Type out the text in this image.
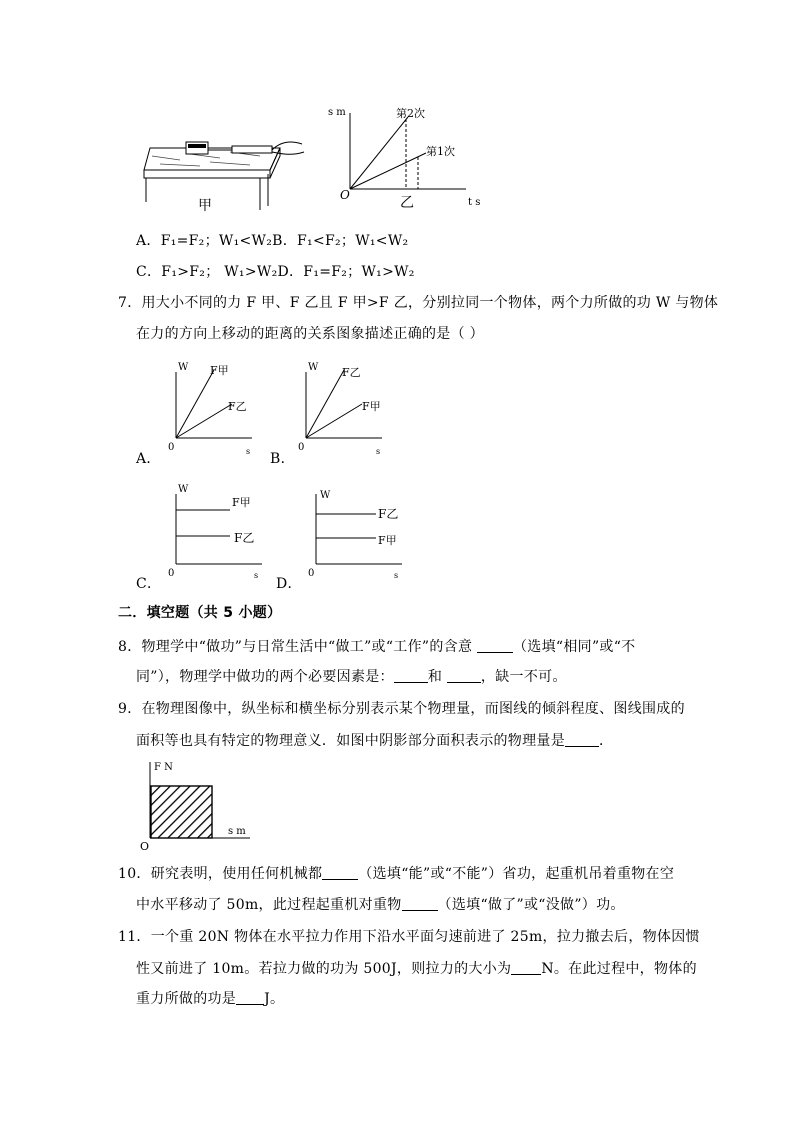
甲
s m
t s
O
第2次
第1次
乙
A．F₁=F₂；W₁<W₂B．F₁<F₂；W₁<W₂
C．F₁>F₂； W₁>W₂D．F₁=F₂；W₁>W₂
7．用大小不同的力 F 甲、F 乙且 F 甲>F 乙，分别拉同一个物体，两个力所做的功 W 与物体
在力的方向上移动的距离的关系图象描述正确的是（ ）
A．
W
s
0
F甲
F乙
B．
W
s
0
F乙
F甲
C．
W
s
0
F甲
F乙
D．
W
s
0
F乙
F甲
二．填空题（共 5 小题）
8．物理学中“做功”与日常生活中“做工”或“工作”的含意	（选填“相同”或“不
同”），物理学中做功的两个必要因素是： 和 ，缺一不可。
9．在物理图像中，纵坐标和横坐标分别表示某个物理量，而图线的倾斜程度、图线围成的
面积等也具有特定的物理意义．如图中阴影部分面积表示的物理量是 ．
F N
s m
O
10．研究表明，使用任何机械都	（选填“能”或“不能”）省功，起重机吊着重物在空
中水平移动了 50m，此过程起重机对重物	（选填“做了”或“没做”）功。
11．一个重 20N 物体在水平拉力作用下沿水平面匀速前进了 25m，拉力撤去后，物体因惯
性又前进了 10m。若拉力做的功为 500J，则拉力的大小为 N。在此过程中，物体的
重力所做的功是 J。
